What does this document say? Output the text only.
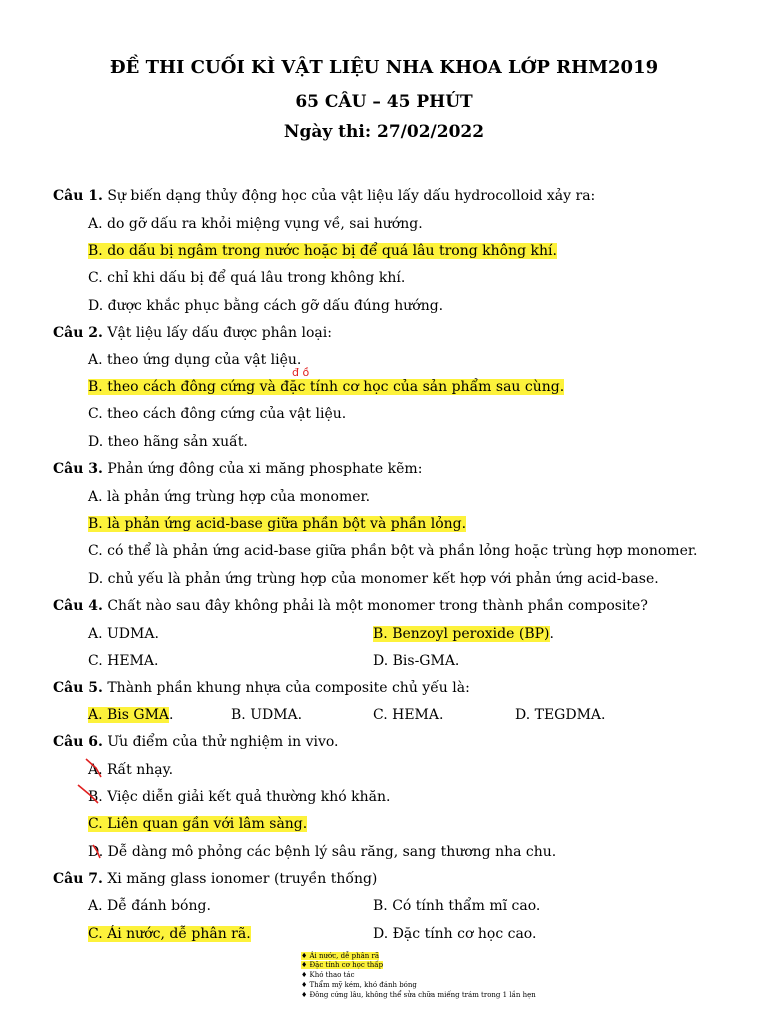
ĐỀ THI CUỐI KÌ VẬT LIỆU NHA KHOA LỚP RHM2019
65 CÂU – 45 PHÚT
Ngày thi: 27/02/2022
Câu 1. Sự biến dạng thủy động học của vật liệu lấy dấu hydrocolloid xảy ra:
A. do gỡ dấu ra khỏi miệng vụng về, sai hướng.
B. do dấu bị ngâm trong nước hoặc bị để quá lâu trong không khí.
C. chỉ khi dấu bị để quá lâu trong không khí.
D. được khắc phục bằng cách gỡ dấu đúng hướng.
Câu 2. Vật liệu lấy dấu được phân loại:
A. theo ứng dụng của vật liệu.
đ ồ
B. theo cách đông cứng và đặc tính cơ học của sản phẩm sau cùng.
C. theo cách đông cứng của vật liệu.
D. theo hãng sản xuất.
Câu 3. Phản ứng đông của xi măng phosphate kẽm:
A. là phản ứng trùng hợp của monomer.
B. là phản ứng acid-base giữa phần bột và phần lỏng.
C. có thể là phản ứng acid-base giữa phần bột và phần lỏng hoặc trùng hợp monomer.
D. chủ yếu là phản ứng trùng hợp của monomer kết hợp với phản ứng acid-base.
Câu 4. Chất nào sau đây không phải là một monomer trong thành phần composite?
A. UDMA.	B. Benzoyl peroxide (BP).
C. HEMA.	D. Bis-GMA.
Câu 5. Thành phần khung nhựa của composite chủ yếu là:
A. Bis GMA.	B. UDMA.	C. HEMA.	D. TEGDMA.
Câu 6. Ưu điểm của thử nghiệm in vivo.
A. Rất nhạy.
B. Việc diễn giải kết quả thường khó khăn.
C. Liên quan gần với lâm sàng.
D. Dễ dàng mô phỏng các bệnh lý sâu răng, sang thương nha chu.
Câu 7. Xi măng glass ionomer (truyền thống)
A. Dễ đánh bóng.	B. Có tính thẩm mĩ cao.
C. Ái nước, dễ phân rã.	D. Đặc tính cơ học cao.
♦ Ái nước, dễ phân rã
♦ Đặc tính cơ học thấp
♦ Khó thao tác
♦ Thẩm mỹ kém, khó đánh bóng
♦ Đông cứng lâu, không thể sửa chữa miếng trám trong 1 lần hẹn
